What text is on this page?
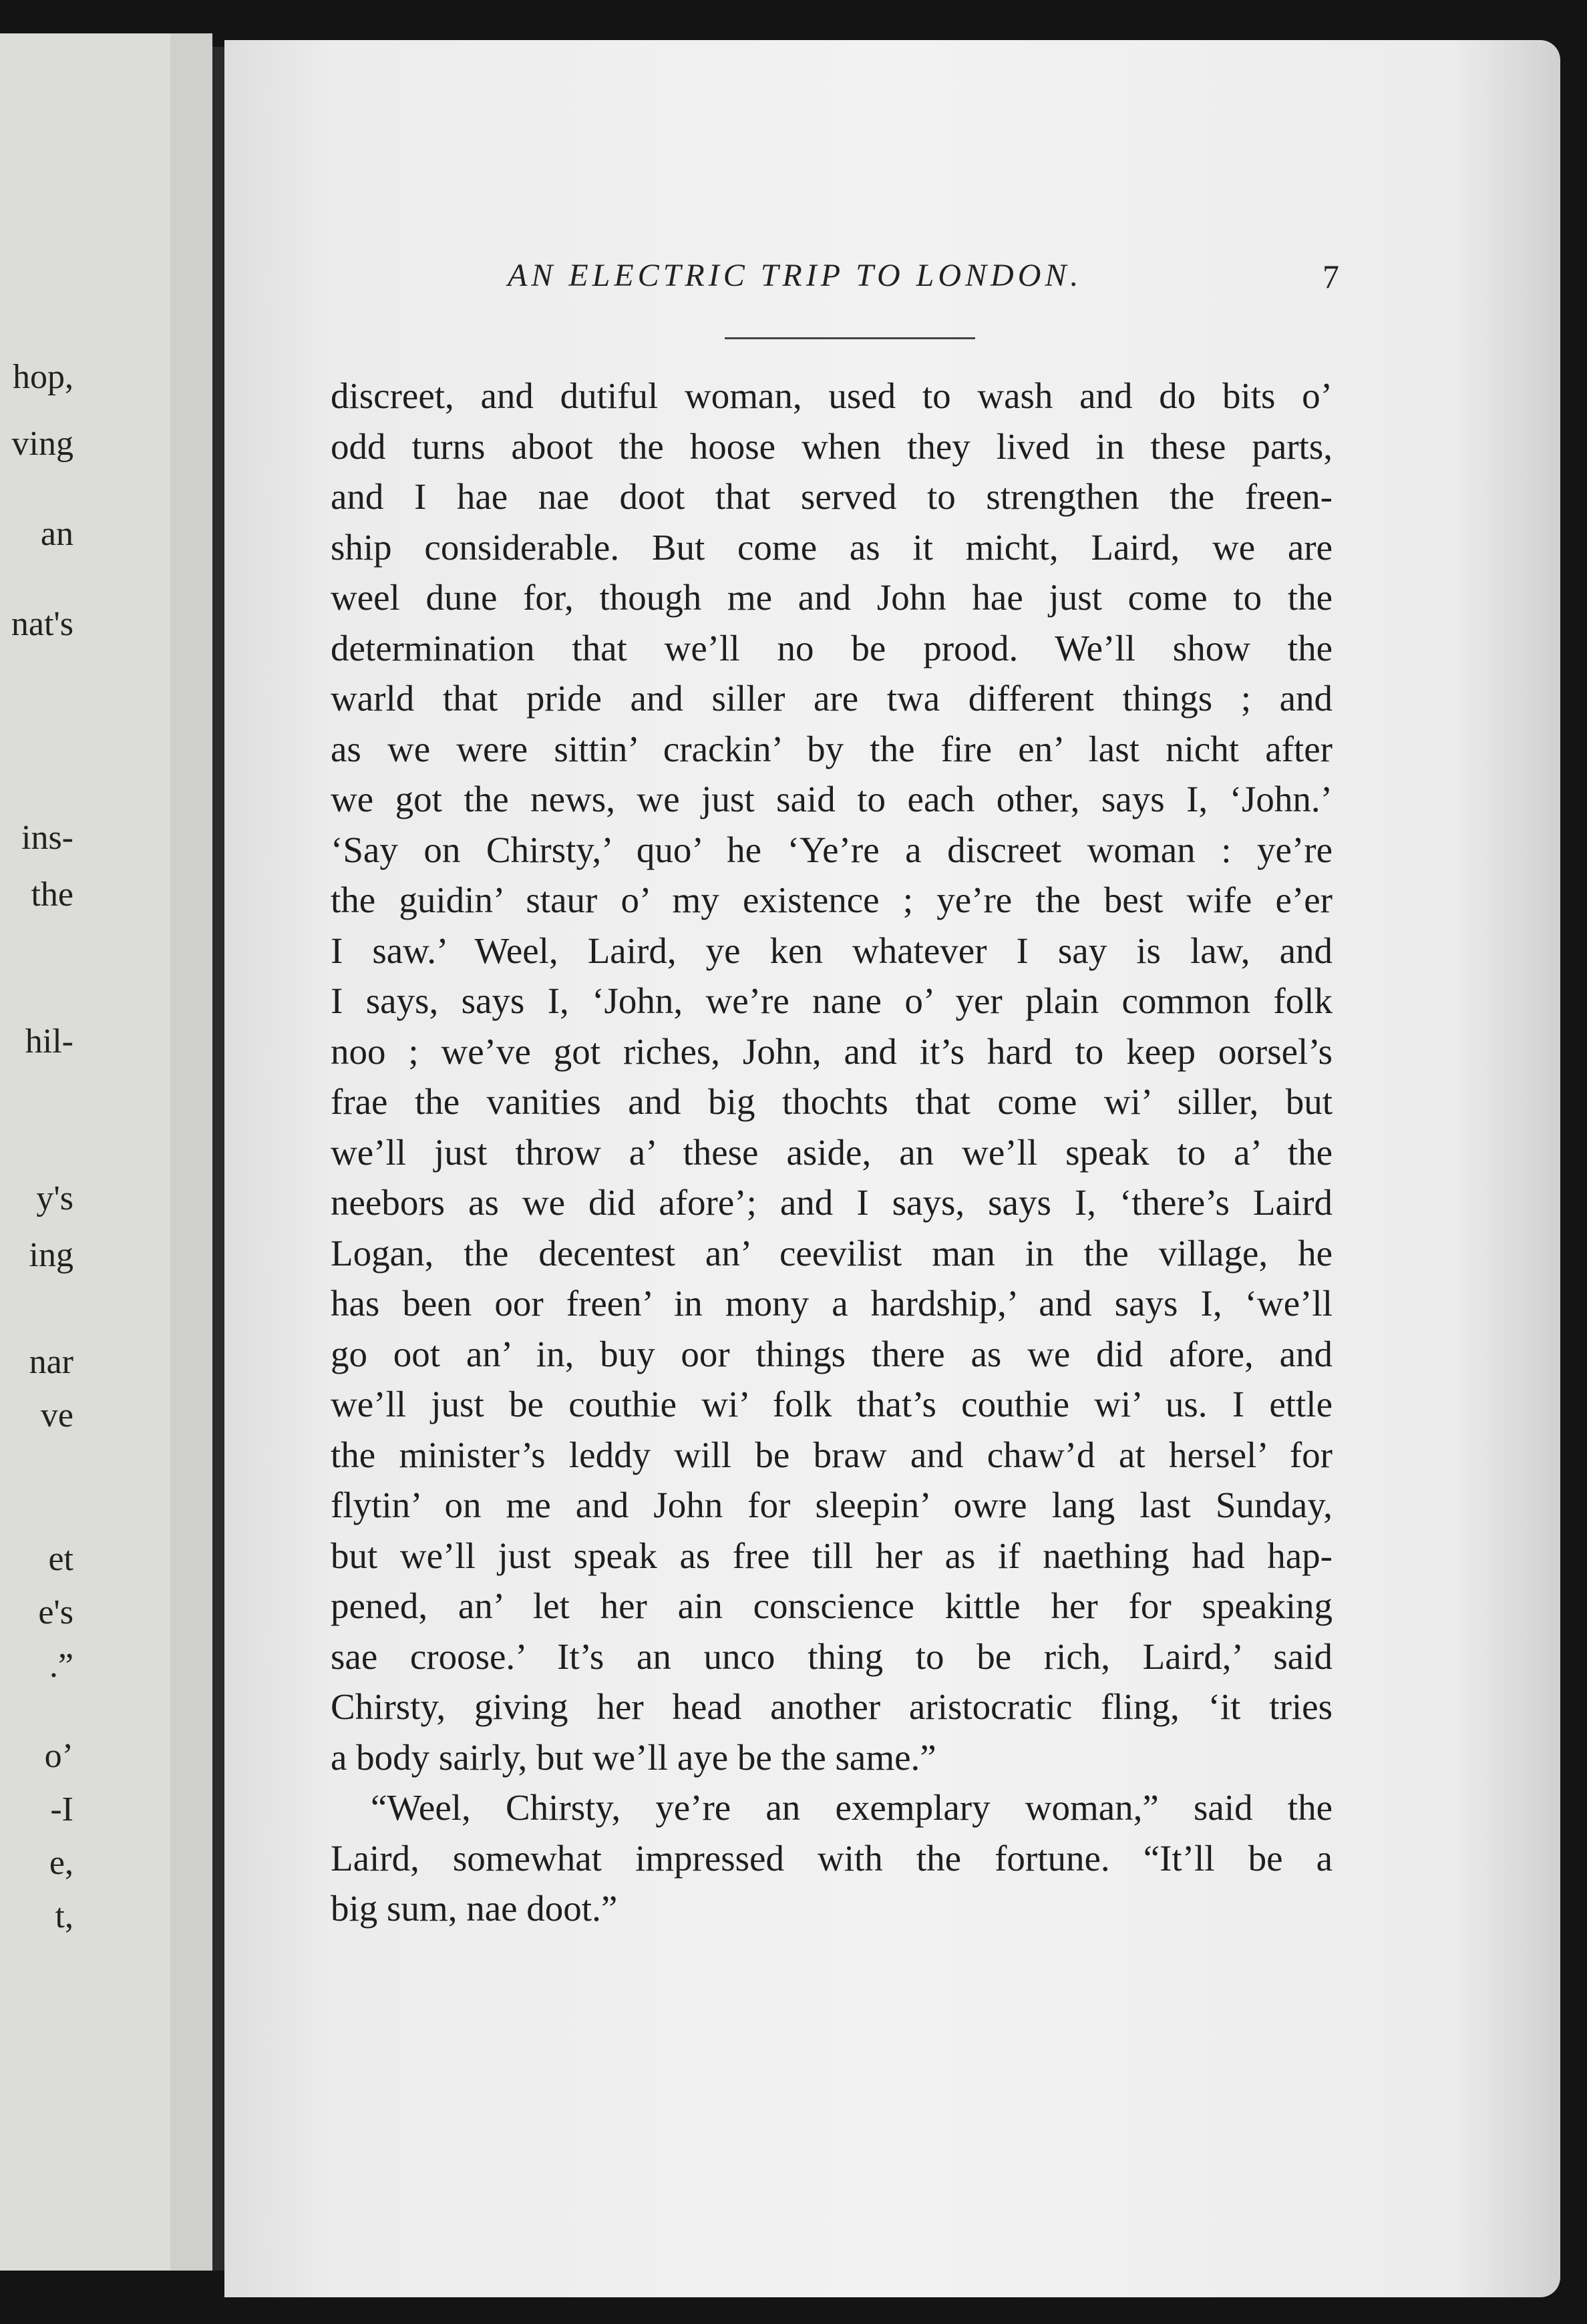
hop,
ving
an
nat's
ins-
the
hil-
y's
ing
nar
ve
et
e's
.”
o’
-I
e,
t,
AN ELECTRIC TRIP TO LONDON.	7
discreet, and dutiful woman, used to wash and do bits o’
odd turns aboot the hoose when they lived in these parts,
and I hae nae doot that served to strengthen the freen-
ship considerable. But come as it micht, Laird, we are
weel dune for, though me and John hae just come to the
determination that we’ll no be prood. We’ll show the
warld that pride and siller are twa different things ; and
as we were sittin’ crackin’ by the fire en’ last nicht after
we got the news, we just said to each other, says I, ‘John.’
‘Say on Chirsty,’ quo’ he ‘Ye’re a discreet woman : ye’re
the guidin’ staur o’ my existence ; ye’re the best wife e’er
I saw.’ Weel, Laird, ye ken whatever I say is law, and
I says, says I, ‘John, we’re nane o’ yer plain common folk
noo ; we’ve got riches, John, and it’s hard to keep oorsel’s
frae the vanities and big thochts that come wi’ siller, but
we’ll just throw a’ these aside, an we’ll speak to a’ the
neebors as we did afore’; and I says, says I, ‘there’s Laird
Logan, the decentest an’ ceevilist man in the village, he
has been oor freen’ in mony a hardship,’ and says I, ‘we’ll
go oot an’ in, buy oor things there as we did afore, and
we’ll just be couthie wi’ folk that’s couthie wi’ us. I ettle
the minister’s leddy will be braw and chaw’d at hersel’ for
flytin’ on me and John for sleepin’ owre lang last Sunday,
but we’ll just speak as free till her as if naething had hap-
pened, an’ let her ain conscience kittle her for speaking
sae croose.’ It’s an unco thing to be rich, Laird,’ said
Chirsty, giving her head another aristocratic fling, ‘it tries
a body sairly, but we’ll aye be the same.”
“Weel, Chirsty, ye’re an exemplary woman,” said the
Laird, somewhat impressed with the fortune. “It’ll be a
big sum, nae doot.”
